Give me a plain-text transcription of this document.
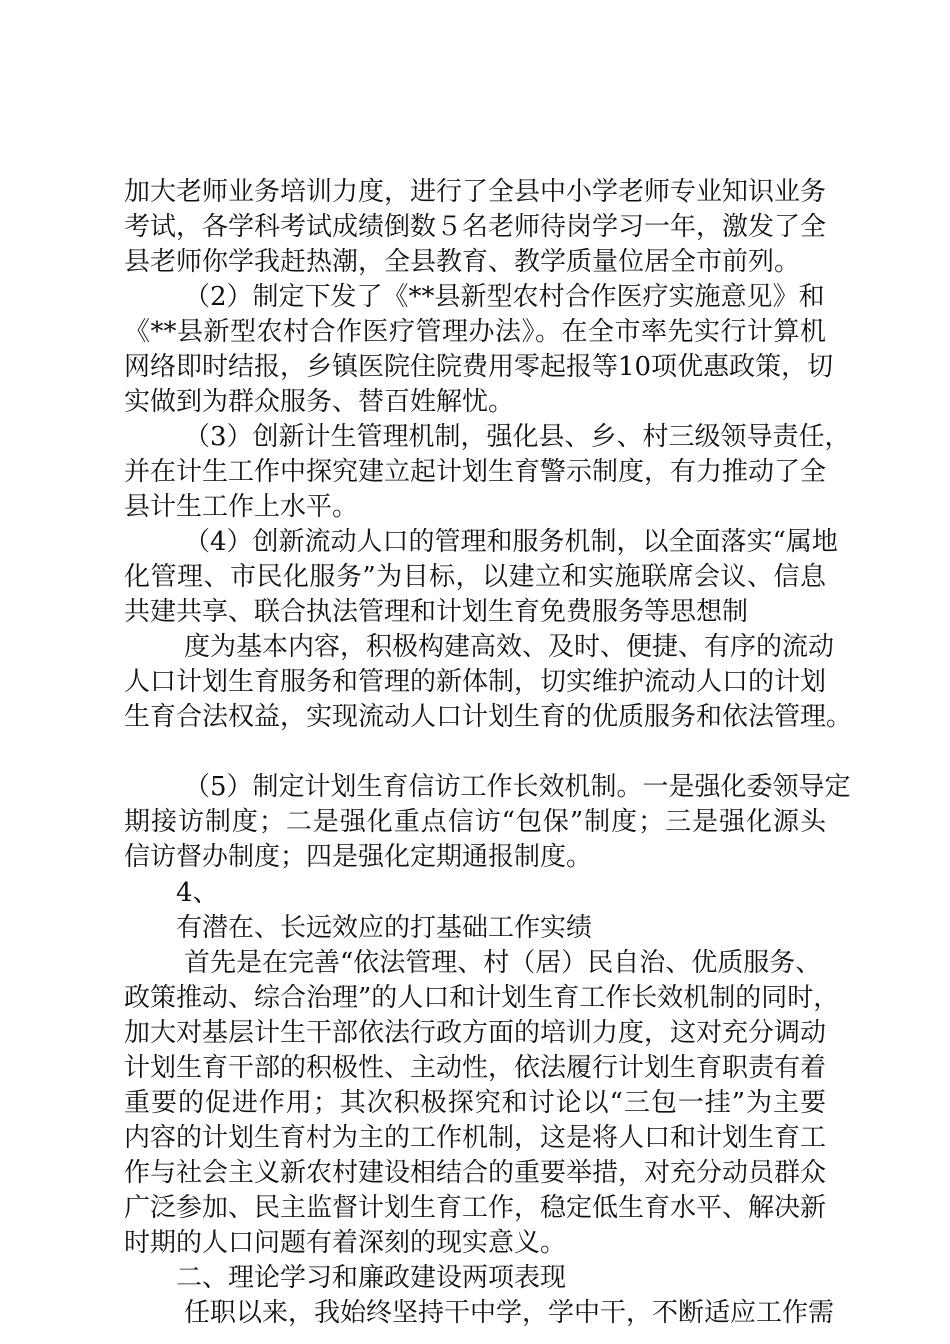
加大老师业务培训力度，进行了全县中小学老师专业知识业务
考试，各学科考试成绩倒数５名老师待岗学习一年，激发了全
县老师你学我赶热潮，全县教育、教学质量位居全市前列。
（2）制定下发了《**县新型农村合作医疗实施意见》和
《**县新型农村合作医疗管理办法》。在全市率先实行计算机
网络即时结报，乡镇医院住院费用零起报等10项优惠政策，切
实做到为群众服务、替百姓解忧。
（3）创新计生管理机制，强化县、乡、村三级领导责任，
并在计生工作中探究建立起计划生育警示制度，有力推动了全
县计生工作上水平。
（4）创新流动人口的管理和服务机制，以全面落实“属地
化管理、市民化服务”为目标，以建立和实施联席会议、信息
共建共享、联合执法管理和计划生育免费服务等思想制
度为基本内容，积极构建高效、及时、便捷、有序的流动
人口计划生育服务和管理的新体制，切实维护流动人口的计划
生育合法权益，实现流动人口计划生育的优质服务和依法管理。
（5）制定计划生育信访工作长效机制。一是强化委领导定
期接访制度；二是强化重点信访“包保”制度；三是强化源头
信访督办制度；四是强化定期通报制度。
4、
有潜在、长远效应的打基础工作实绩
首先是在完善“依法管理、村（居）民自治、优质服务、
政策推动、综合治理”的人口和计划生育工作长效机制的同时，
加大对基层计生干部依法行政方面的培训力度，这对充分调动
计划生育干部的积极性、主动性，依法履行计划生育职责有着
重要的促进作用；其次积极探究和讨论以“三包一挂”为主要
内容的计划生育村为主的工作机制，这是将人口和计划生育工
作与社会主义新农村建设相结合的重要举措，对充分动员群众
广泛参加、民主监督计划生育工作，稳定低生育水平、解决新
时期的人口问题有着深刻的现实意义。
二、理论学习和廉政建设两项表现
任职以来，我始终坚持干中学，学中干，不断适应工作需
